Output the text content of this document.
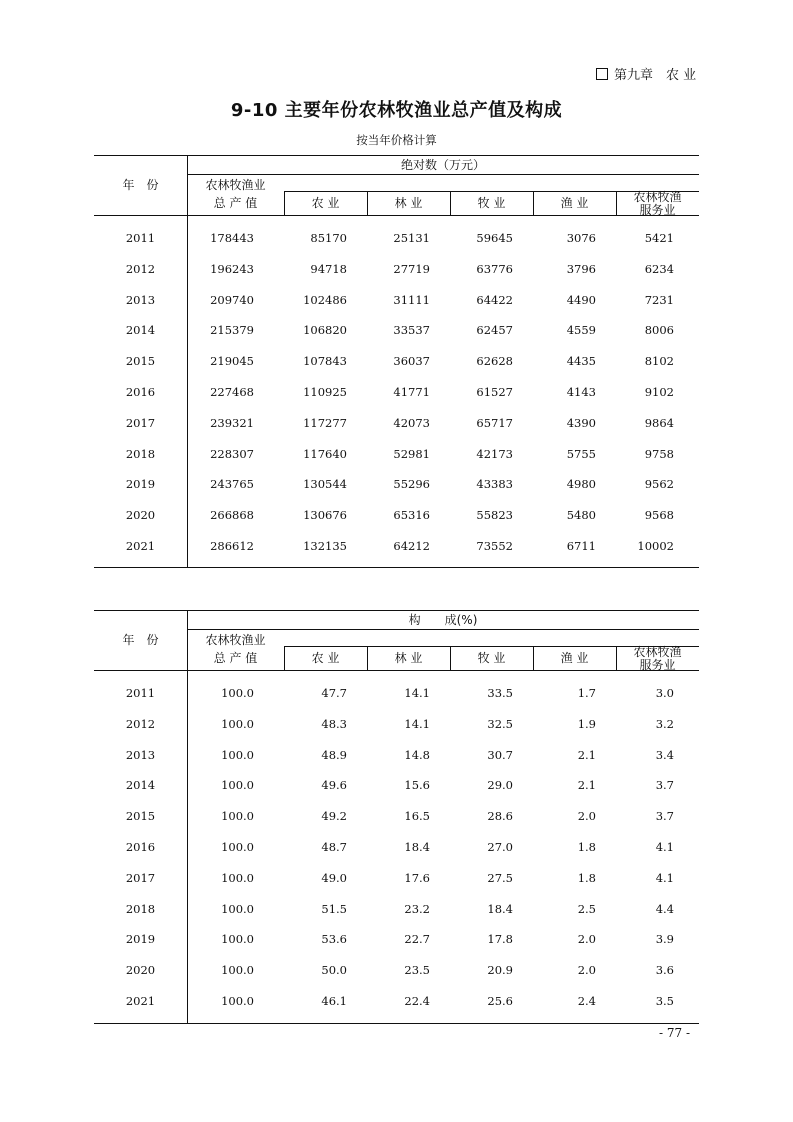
第九章　农 业
9-10 主要年份农林牧渔业总产值及构成
按当年价格计算
绝对数（万元）
年　份	农林牧渔业
总 产 值	农 业	林 业	牧 业	渔 业	农林牧渔
服务业
2011	178443	85170	25131	59645	3076	5421
2012	196243	94718	27719	63776	3796	6234
2013	209740	102486	31111	64422	4490	7231
2014	215379	106820	33537	62457	4559	8006
2015	219045	107843	36037	62628	4435	8102
2016	227468	110925	41771	61527	4143	9102
2017	239321	117277	42073	65717	4390	9864
2018	228307	117640	52981	42173	5755	9758
2019	243765	130544	55296	43383	4980	9562
2020	266868	130676	65316	55823	5480	9568
2021	286612	132135	64212	73552	6711	10002
构　　成(%)
年　份	农林牧渔业
总 产 值	农 业	林 业	牧 业	渔 业	农林牧渔
服务业
2011	100.0	47.7	14.1	33.5	1.7	3.0
2012	100.0	48.3	14.1	32.5	1.9	3.2
2013	100.0	48.9	14.8	30.7	2.1	3.4
2014	100.0	49.6	15.6	29.0	2.1	3.7
2015	100.0	49.2	16.5	28.6	2.0	3.7
2016	100.0	48.7	18.4	27.0	1.8	4.1
2017	100.0	49.0	17.6	27.5	1.8	4.1
2018	100.0	51.5	23.2	18.4	2.5	4.4
2019	100.0	53.6	22.7	17.8	2.0	3.9
2020	100.0	50.0	23.5	20.9	2.0	3.6
2021	100.0	46.1	22.4	25.6	2.4	3.5
- 77 -
